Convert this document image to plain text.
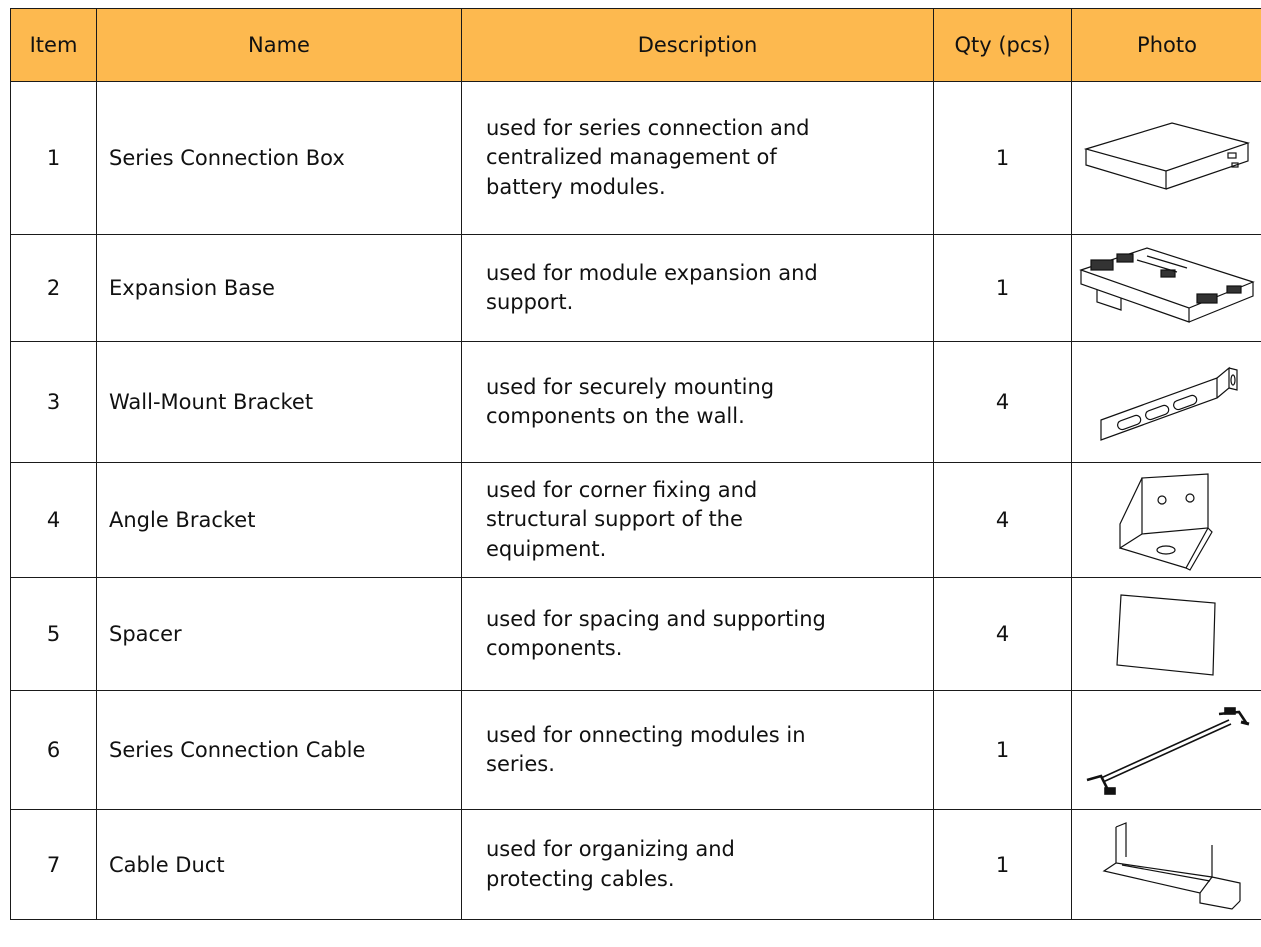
Item	Name	Description	Qty (pcs)	Photo
1	Series Connection Box	used for series connection and
centralized management of
battery modules.	1	

2	Expansion Base	used for module expansion and
support.	1	

3	Wall-Mount Bracket	used for securely mounting
components on the wall.	4	

4	Angle Bracket	used for corner fixing and
structural support of the
equipment.	4	

5	Spacer	used for spacing and supporting
components.	4	

6	Series Connection Cable	used for onnecting modules in
series.	1	

7	Cable Duct	used for organizing and
protecting cables.	1	
